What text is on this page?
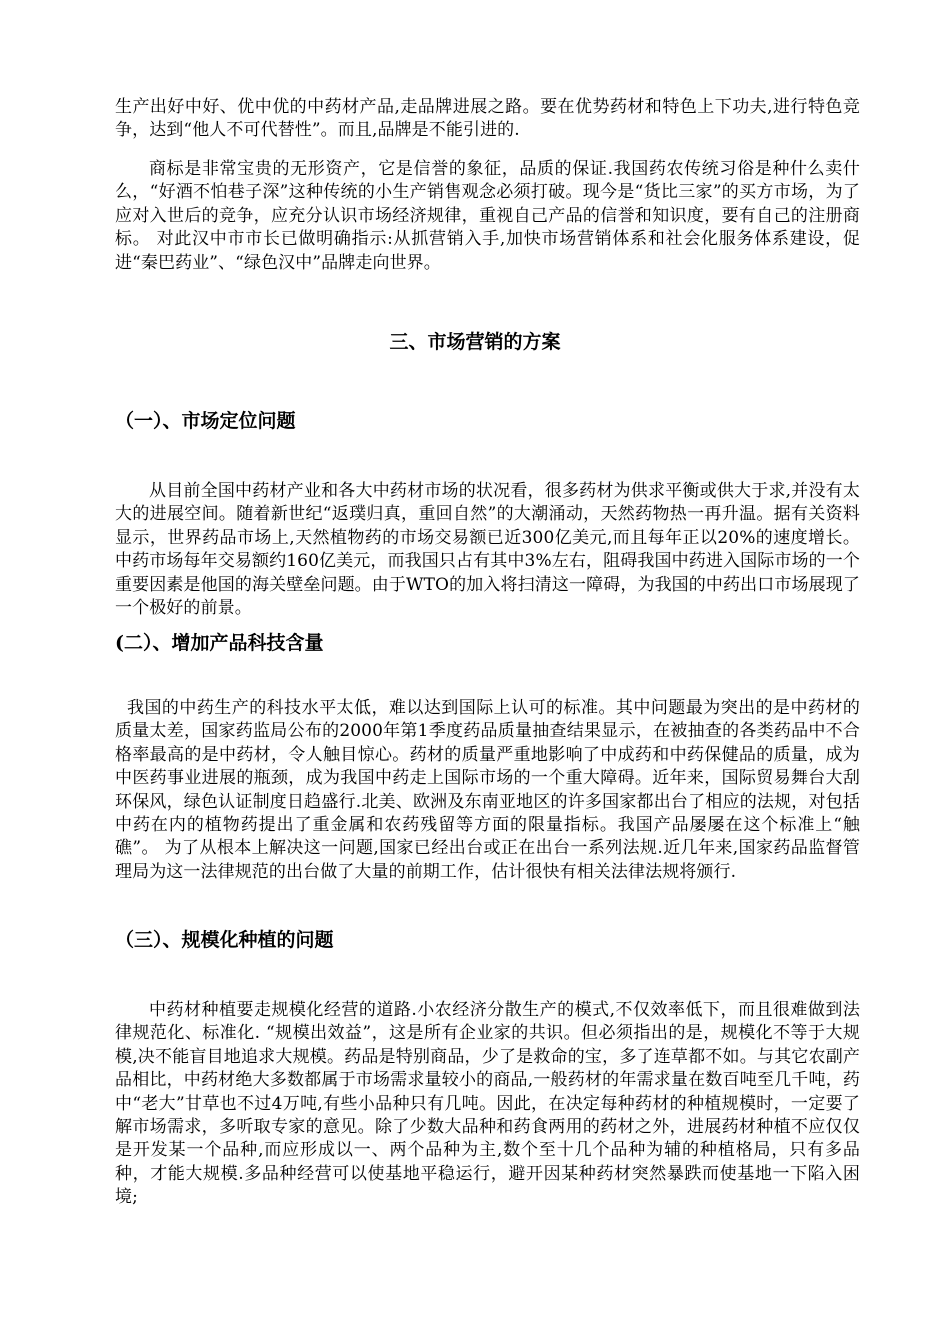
生产出好中好、优中优的中药材产品,走品牌进展之路。要在优势药材和特色上下功夫,进行特色竞争，达到“他人不可代替性”。而且,品牌是不能引进的.

商标是非常宝贵的无形资产，它是信誉的象征，品质的保证.我国药农传统习俗是种什么卖什么，“好酒不怕巷子深”这种传统的小生产销售观念必须打破。现今是“货比三家”的买方市场，为了应对入世后的竞争，应充分认识市场经济规律，重视自己产品的信誉和知识度，要有自己的注册商标。 对此汉中市市长已做明确指示:从抓营销入手,加快市场营销体系和社会化服务体系建设，促进“秦巴药业”、“绿色汉中”品牌走向世界。

三、市场营销的方案
（一）、市场定位问题

从目前全国中药材产业和各大中药材市场的状况看，很多药材为供求平衡或供大于求,并没有太大的进展空间。随着新世纪“返璞归真，重回自然”的大潮涌动，天然药物热一再升温。据有关资料显示，世界药品市场上,天然植物药的市场交易额已近300亿美元,而且每年正以20%的速度增长。中药市场每年交易额约160亿美元，而我国只占有其中3%左右，阻碍我国中药进入国际市场的一个重要因素是他国的海关壁垒问题。由于WTO的加入将扫清这一障碍，为我国的中药出口市场展现了一个极好的前景。

(二）、增加产品科技含量

我国的中药生产的科技水平太低，难以达到国际上认可的标准。其中问题最为突出的是中药材的质量太差，国家药监局公布的2000年第1季度药品质量抽查结果显示，在被抽查的各类药品中不合格率最高的是中药材，令人触目惊心。药材的质量严重地影响了中成药和中药保健品的质量，成为中医药事业进展的瓶颈，成为我国中药走上国际市场的一个重大障碍。近年来，国际贸易舞台大刮环保风，绿色认证制度日趋盛行.北美、欧洲及东南亚地区的许多国家都出台了相应的法规，对包括中药在内的植物药提出了重金属和农药残留等方面的限量指标。我国产品屡屡在这个标准上“触礁”。 为了从根本上解决这一问题,国家已经出台或正在出台一系列法规.近几年来,国家药品监督管理局为这一法律规范的出台做了大量的前期工作，估计很快有相关法律法规将颁行.

（三）、规模化种植的问题

中药材种植要走规模化经营的道路.小农经济分散生产的模式,不仅效率低下，而且很难做到法律规范化、标准化. “规模出效益”，这是所有企业家的共识。但必须指出的是，规模化不等于大规模,决不能盲目地追求大规模。药品是特别商品，少了是救命的宝，多了连草都不如。与其它农副产品相比，中药材绝大多数都属于市场需求量较小的商品,一般药材的年需求量在数百吨至几千吨，药中“老大”甘草也不过4万吨,有些小品种只有几吨。因此，在决定每种药材的种植规模时，一定要了解市场需求，多听取专家的意见。除了少数大品种和药食两用的药材之外，进展药材种植不应仅仅是开发某一个品种,而应形成以一、两个品种为主,数个至十几个品种为辅的种植格局，只有多品种，才能大规模.多品种经营可以使基地平稳运行，避开因某种药材突然暴跌而使基地一下陷入困境;
